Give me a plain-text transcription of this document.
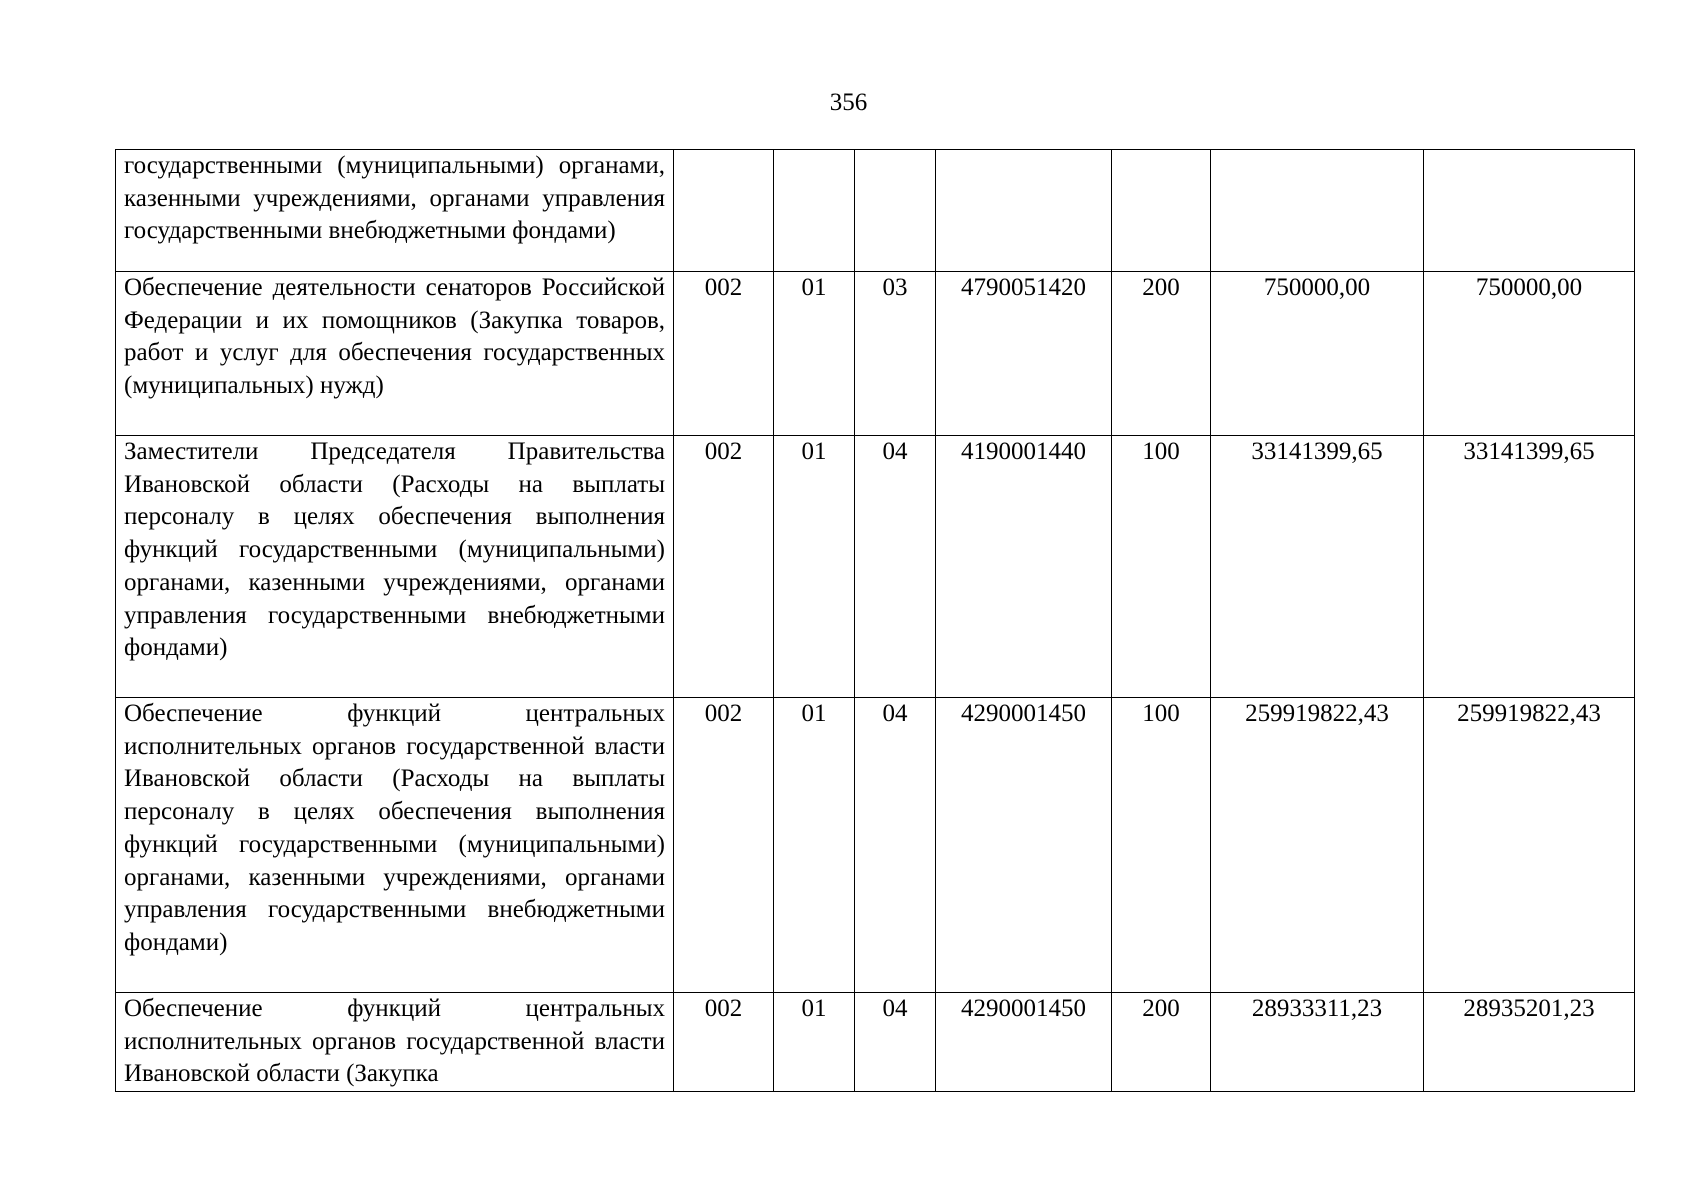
356
государственными (муниципальными) органами, казенными учреждениями, органами управления государственными внебюджетными фондами)							
Обеспечение деятельности сенаторов Российской Федерации и их помощников (Закупка товаров, работ и услуг для обеспечения государственных (муниципальных) нужд)	002	01	03	4790051420	200	750000,00	750000,00
Заместители Председателя Правительства Ивановской области (Расходы на выплаты персоналу в целях обеспечения выполнения функций государственными (муниципальными) органами, казенными учреждениями, органами управления государственными внебюджетными фондами)	002	01	04	4190001440	100	33141399,65	33141399,65
Обеспечение функций центральных исполнительных органов государственной власти Ивановской области (Расходы на выплаты персоналу в целях обеспечения выполнения функций государственными (муниципальными) органами, казенными учреждениями, органами управления государственными внебюджетными фондами)	002	01	04	4290001450	100	259919822,43	259919822,43
Обеспечение функций центральных исполнительных органов государственной власти Ивановской области (Закупка	002	01	04	4290001450	200	28933311,23	28935201,23
